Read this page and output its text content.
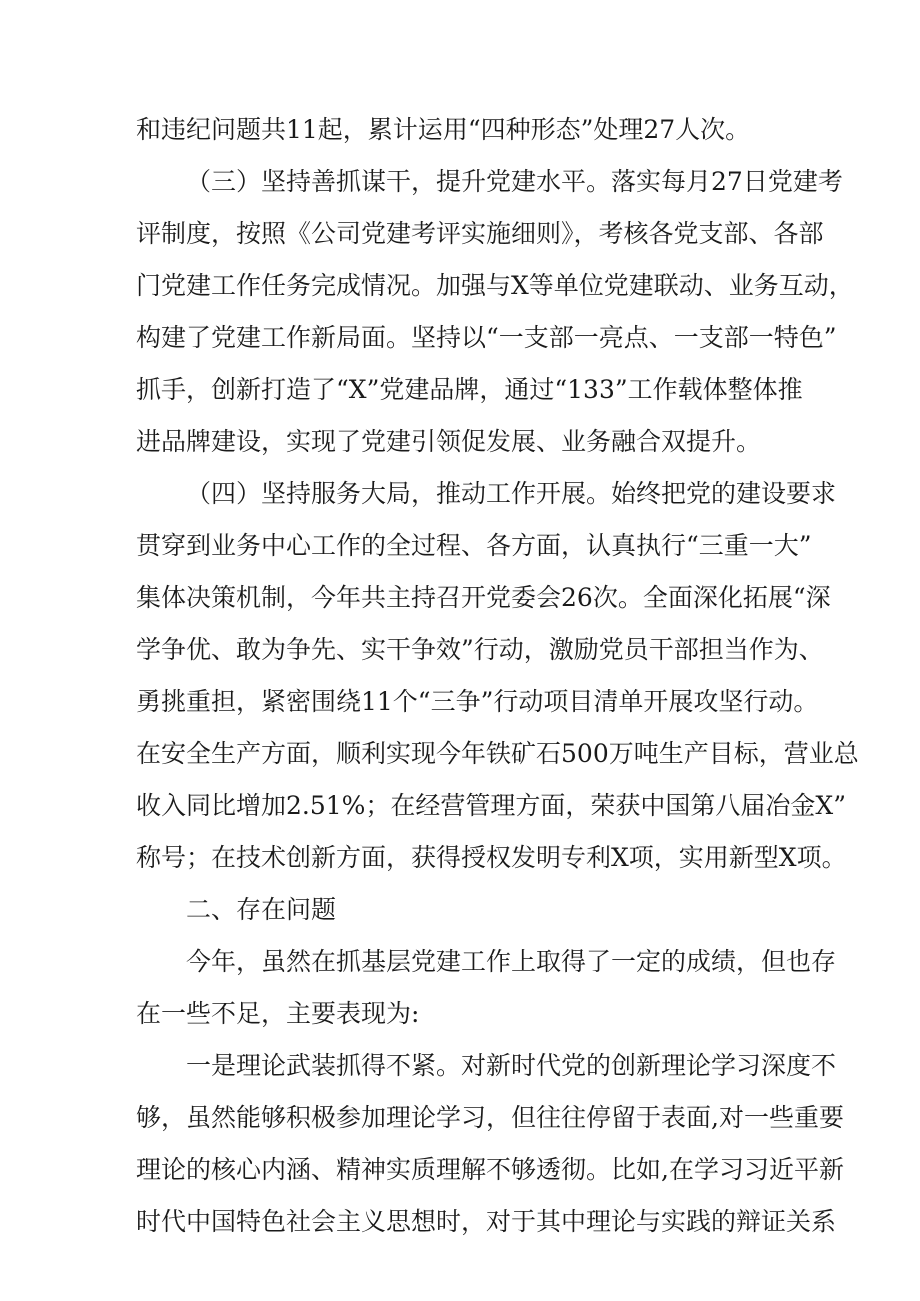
和违纪问题共11起，累计运用“四种形态”处理27人次。

（三）坚持善抓谋干，提升党建水平。落实每月27日党建考
评制度，按照《公司党建考评实施细则》，考核各党支部、各部
门党建工作任务完成情况。加强与X等单位党建联动、业务互动，
构建了党建工作新局面。坚持以“一支部一亮点、一支部一特色”
抓手，创新打造了“X”党建品牌，通过“133”工作载体整体推
进品牌建设，实现了党建引领促发展、业务融合双提升。

（四）坚持服务大局，推动工作开展。始终把党的建设要求
贯穿到业务中心工作的全过程、各方面，认真执行“三重一大”
集体决策机制，今年共主持召开党委会26次。全面深化拓展“深
学争优、敢为争先、实干争效”行动，激励党员干部担当作为、
勇挑重担，紧密围绕11个“三争”行动项目清单开展攻坚行动。
在安全生产方面，顺利实现今年铁矿石500万吨生产目标，营业总
收入同比增加2.51%；在经营管理方面，荣获中国第八届冶金X”
称号；在技术创新方面，获得授权发明专利X项，实用新型X项。

二、存在问题

今年，虽然在抓基层党建工作上取得了一定的成绩，但也存
在一些不足，主要表现为:

一是理论武装抓得不紧。对新时代党的创新理论学习深度不
够，虽然能够积极参加理论学习，但往往停留于表面,对一些重要
理论的核心内涵、精神实质理解不够透彻。比如,在学习习近平新
时代中国特色社会主义思想时，对于其中理论与实践的辩证关系
